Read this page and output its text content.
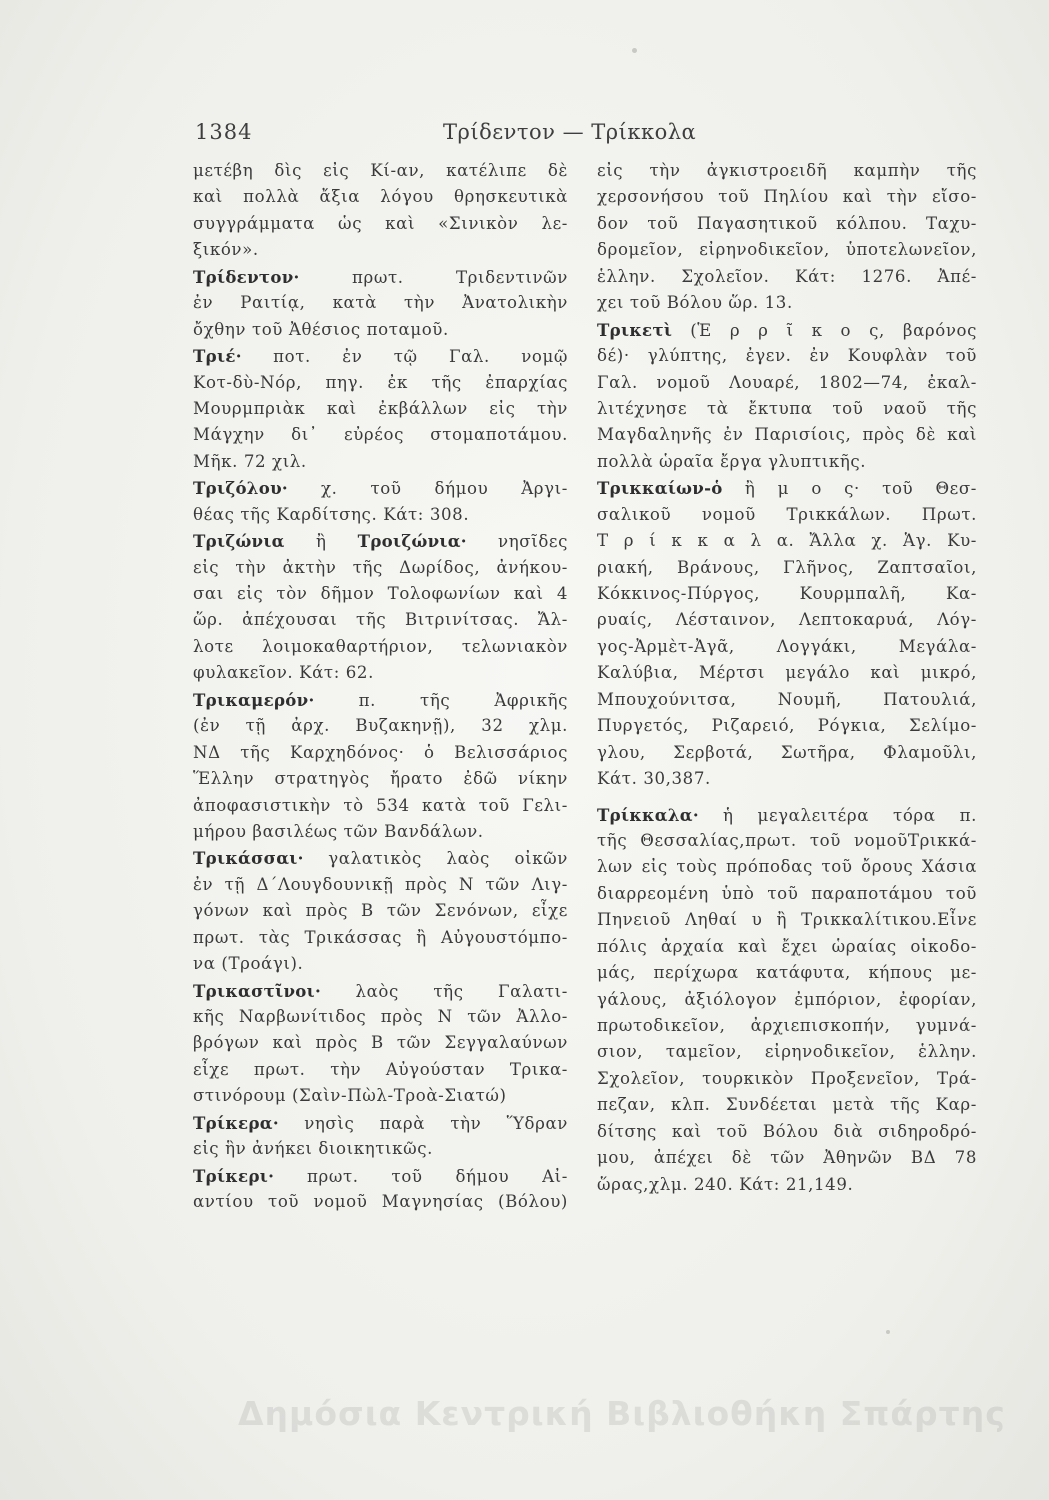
1384	Τρίδεντον — Τρίκκολα
μετέβη δὶς εἰς Κί-αν, κατέλιπε δὲ
καὶ πολλὰ ἄξια λόγου θρησκευτικὰ
συγγράμματα ὡς καὶ «Σινικὸν λε-
ξικόν».
Τρίδεντον· πρωτ. Τριδεντινῶν
ἐν Ραιτίᾳ, κατὰ τὴν Ἀνατολικὴν
ὄχθην τοῦ Ἀθέσιος ποταμοῦ.
Τριέ· ποτ. ἐν τῷ Γαλ. νομῷ
Κοτ-δὺ-Νόρ, πηγ. ἐκ τῆς ἐπαρχίας
Μουρμπριὰκ καὶ ἐκβάλλων εἰς τὴν
Μάγχην δι᾽ εὐρέος στομαποτάμου.
Μῆκ. 72 χιλ.
Τριζόλου· χ. τοῦ δήμου Ἀργι-
θέας τῆς Καρδίτσης. Κάτ: 308.
Τριζώνια ἢ Τροιζώνια· νησῖδες
εἰς τὴν ἀκτὴν τῆς Δωρίδος, ἀνήκου-
σαι εἰς τὸν δῆμον Τολοφωνίων καὶ 4
ὥρ. ἀπέχουσαι τῆς Βιτρινίτσας. Ἄλ-
λοτε λοιμοκαθαρτήριον, τελωνιακὸν
φυλακεῖον. Κάτ: 62.
Τρικαμερόν· π. τῆς Ἀφρικῆς
(ἐν τῇ ἀρχ. Βυζακηνῇ), 32 χλμ.
ΝΔ τῆς Καρχηδόνος· ὁ Βελισσάριος
Ἕλλην στρατηγὸς ἤρατο ἐδῶ νίκην
ἀποφασιστικὴν τὸ 534 κατὰ τοῦ Γελι-
μήρου βασιλέως τῶν Βανδάλων.
Τρικάσσαι· γαλατικὸς λαὸς οἰκῶν
ἐν τῇ Δ΄Λουγδουνικῇ πρὸς Ν τῶν Λιγ-
γόνων καὶ πρὸς Β τῶν Σενόνων, εἶχε
πρωτ. τὰς Τρικάσσας ἢ Αὐγουστόμπο-
να (Τροάγι).
Τρικαστῖνοι· λαὸς τῆς Γαλατι-
κῆς Ναρβωνίτιδος πρὸς Ν τῶν Ἀλλο-
βρόγων καὶ πρὸς Β τῶν Σεγγαλαύνων
εἶχε πρωτ. τὴν Αὐγούσταν Τρικα-
στινόρουμ (Σαὶν-Πὼλ-Τροὰ-Σιατώ)
Τρίκερα· νησὶς παρὰ τὴν Ὕδραν
εἰς ἣν ἀνήκει διοικητικῶς.
Τρίκερι· πρωτ. τοῦ δήμου Αἰ-
αντίου τοῦ νομοῦ Μαγνησίας (Βόλου)
εἰς τὴν ἀγκιστροειδῆ καμπὴν τῆς
χερσονήσου τοῦ Πηλίου καὶ τὴν εἴσο-
δον τοῦ Παγασητικοῦ κόλπου. Ταχυ-
δρομεῖον, εἰρηνοδικεῖον, ὑποτελωνεῖον,
ἑλλην. Σχολεῖον. Κάτ: 1276. Ἀπέ-
χει τοῦ Βόλου ὥρ. 13.
Τρικετὶ (Ἑ ρ ρ ῖ κ ο ς, βαρόνος
δέ)· γλύπτης, ἐγεν. ἐν Κουφλὰν τοῦ
Γαλ. νομοῦ Λουαρέ, 1802—74, ἐκαλ-
λιτέχνησε τὰ ἔκτυπα τοῦ ναοῦ τῆς
Μαγδαληνῆς ἐν Παρισίοις, πρὸς δὲ καὶ
πολλὰ ὡραῖα ἔργα γλυπτικῆς.
Τρικκαίων-ὁ ἢ μ ο ς· τοῦ Θεσ-
σαλικοῦ νομοῦ Τρικκάλων. Πρωτ.
Τ ρ ί κ κ α λ α. Ἄλλα χ. Ἁγ. Κυ-
ριακή, Βράνους, Γλῆνος, Ζαπτσαῖοι,
Κόκκινος-Πύργος, Κουρμπαλῆ, Κα-
ρυαίς, Λέσταινον, Λεπτοκαρυά, Λόγ-
γος-Ἀρμὲτ-Ἀγᾶ, Λογγάκι, Μεγάλα-
Καλύβια, Μέρτσι μεγάλο καὶ μικρό,
Μπουχούνιτσα, Νουμῆ, Πατουλιά,
Πυργετός, Ριζαρειό, Ρόγκια, Σελίμο-
γλου, Σερβοτά, Σωτῆρα, Φλαμοῦλι,
Κάτ. 30,387.
Τρίκκαλα· ἡ μεγαλειτέρα τόρα π.
τῆς Θεσσαλίας,πρωτ. τοῦ νομοῦΤρικκά-
λων εἰς τοὺς πρόποδας τοῦ ὄρους Χάσια
διαρρεομένη ὑπὸ τοῦ παραποτάμου τοῦ
Πηνειοῦ Ληθαί υ ἢ Τρικκαλίτικου.Εἶνε
πόλις ἀρχαία καὶ ἔχει ὡραίας οἰκοδο-
μάς, περίχωρα κατάφυτα, κήπους με-
γάλους, ἀξιόλογον ἐμπόριον, ἐφορίαν,
πρωτοδικεῖον, ἀρχιεπισκοπήν, γυμνά-
σιον, ταμεῖον, εἰρηνοδικεῖον, ἑλλην.
Σχολεῖον, τουρκικὸν Προξενεῖον, Τρά-
πεζαν, κλπ. Συνδέεται μετὰ τῆς Καρ-
δίτσης καὶ τοῦ Βόλου διὰ σιδηροδρό-
μου, ἀπέχει δὲ τῶν Ἀθηνῶν ΒΔ 78
ὥρας,χλμ. 240. Κάτ: 21,149.
Δημόσια Κεντρική Βιβλιοθήκη Σπάρτης
